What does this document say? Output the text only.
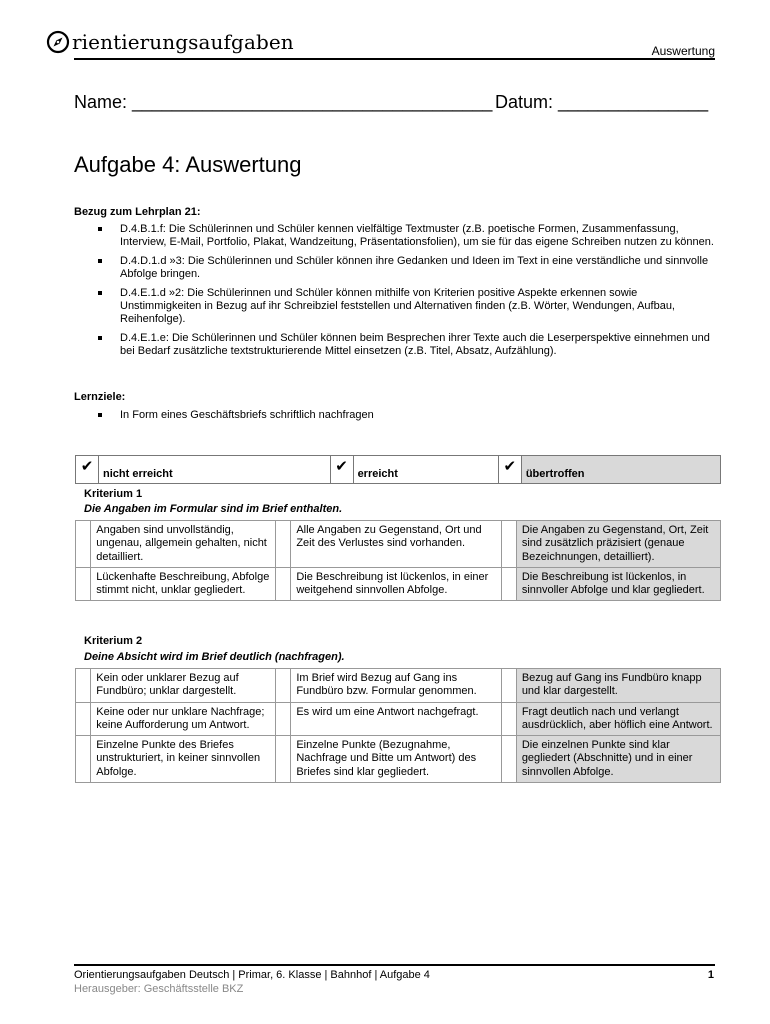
rientierungsaufgaben	Auswertung
Name: ____________________________________ Datum: _______________
Aufgabe 4: Auswertung
Bezug zum Lehrplan 21:
D.4.B.1.f: Die Schülerinnen und Schüler kennen vielfältige Textmuster (z.B. poetische Formen, Zusammenfassung, Interview, E-Mail, Portfolio, Plakat, Wandzeitung, Präsentationsfolien), um sie für das eigene Schreiben nutzen zu können.
D.4.D.1.d »3: Die Schülerinnen und Schüler können ihre Gedanken und Ideen im Text in eine verständliche und sinnvolle Abfolge bringen.
D.4.E.1.d »2: Die Schülerinnen und Schüler können mithilfe von Kriterien positive Aspekte erkennen sowie Unstimmigkeiten in Bezug auf ihr Schreibziel feststellen und Alternativen finden (z.B. Wörter, Wendungen, Aufbau, Reihenfolge).
D.4.E.1.e: Die Schülerinnen und Schüler können beim Besprechen ihrer Texte auch die Leserperspektive einnehmen und bei Bedarf zusätzliche textstrukturierende Mittel einsetzen (z.B. Titel, Absatz, Aufzählung).
Lernziele:
In Form eines Geschäftsbriefs schriftlich nachfragen
✔	nicht erreicht	✔	erreicht	✔	übertroffen
Kriterium 1
Die Angaben im Formular sind im Brief enthalten.
	Angaben sind unvollständig, ungenau, allgemein gehalten, nicht detailliert.		Alle Angaben zu Gegenstand, Ort und Zeit des Verlustes sind vorhanden.		Die Angaben zu Gegenstand, Ort, Zeit sind zusätzlich präzisiert (genaue Bezeichnungen, detailliert).
	Lückenhafte Beschreibung, Abfolge stimmt nicht, unklar gegliedert.		Die Beschreibung ist lückenlos, in einer weitgehend sinnvollen Abfolge.		Die Beschreibung ist lückenlos, in sinnvoller Abfolge und klar gegliedert.
Kriterium 2
Deine Absicht wird im Brief deutlich (nachfragen).
	Kein oder unklarer Bezug auf Fundbüro; unklar dargestellt.		Im Brief wird Bezug auf Gang ins Fundbüro bzw. Formular genommen.		Bezug auf Gang ins Fundbüro knapp und klar dargestellt.
	Keine oder nur unklare Nachfrage; keine Aufforderung um Antwort.		Es wird um eine Antwort nachgefragt.		Fragt deutlich nach und verlangt ausdrücklich, aber höflich eine Antwort.
	Einzelne Punkte des Briefes unstrukturiert, in keiner sinnvollen Abfolge.		Einzelne Punkte (Bezugnahme, Nachfrage und Bitte um Antwort) des Briefes sind klar gegliedert.		Die einzelnen Punkte sind klar gegliedert (Abschnitte) und in einer sinnvollen Abfolge.
Orientierungsaufgaben Deutsch | Primar, 6. Klasse | Bahnhof | Aufgabe 4	1
Herausgeber: Geschäftsstelle BKZ
